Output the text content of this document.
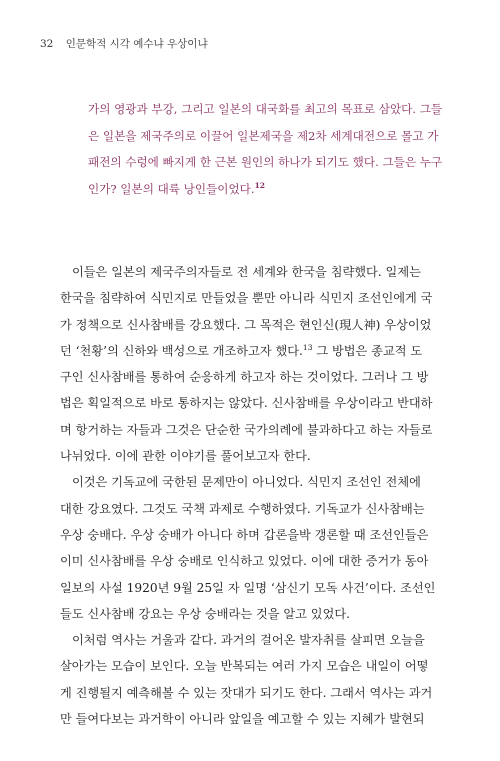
32 인문학적 시각 예수냐 우상이냐
가의 영광과 부강, 그리고 일본의 대국화를 최고의 목표로 삼았다. 그들
은 일본을 제국주의로 이끌어 일본제국을 제2차 세계대전으로 몰고 가
패전의 수렁에 빠지게 한 근본 원인의 하나가 되기도 했다. 그들은 누구
인가? 일본의 대륙 낭인들이었다.$^{12}$
이들은 일본의 제국주의자들로 전 세계와 한국을 침략했다. 일제는
한국을 침략하여 식민지로 만들었을 뿐만 아니라 식민지 조선인에게 국
가 정책으로 신사참배를 강요했다. 그 목적은 현인신(現人神) 우상이었
던 ‘천황’의 신하와 백성으로 개조하고자 했다.$^{13}$ 그 방법은 종교적 도
구인 신사참배를 통하여 순응하게 하고자 하는 것이었다. 그러나 그 방
법은 획일적으로 바로 통하지는 않았다. 신사참배를 우상이라고 반대하
며 항거하는 자들과 그것은 단순한 국가의례에 불과하다고 하는 자들로
나뉘었다. 이에 관한 이야기를 풀어보고자 한다.
이것은 기독교에 국한된 문제만이 아니었다. 식민지 조선인 전체에
대한 강요였다. 그것도 국책 과제로 수행하였다. 기독교가 신사참배는
우상 숭배다. 우상 숭배가 아니다 하며 갑론을박 갱론할 때 조선인들은
이미 신사참배를 우상 숭배로 인식하고 있었다. 이에 대한 증거가 동아
일보의 사설 1920년 9월 25일 자 일명 ‘삼신기 모독 사건’이다. 조선인
들도 신사참배 강요는 우상 숭배라는 것을 알고 있었다.
이처럼 역사는 거울과 같다. 과거의 걸어온 발자취를 살피면 오늘을
살아가는 모습이 보인다. 오늘 반복되는 여러 가지 모습은 내일이 어떻
게 진행될지 예측해볼 수 있는 잣대가 되기도 한다. 그래서 역사는 과거
만 들여다보는 과거학이 아니라 앞일을 예고할 수 있는 지혜가 발현되
